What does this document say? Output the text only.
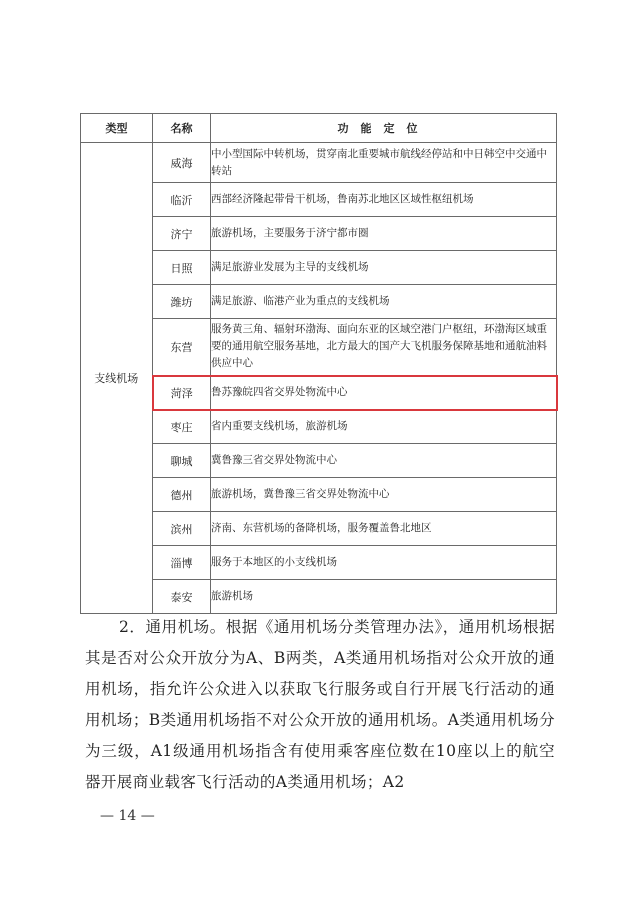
类型	名称	功能定位
支线机场	威海	中小型国际中转机场，贯穿南北重要城市航线经停站和中日韩空中交通中转站
	临沂	西部经济隆起带骨干机场，鲁南苏北地区区域性枢纽机场
	济宁	旅游机场，主要服务于济宁都市圈
	日照	满足旅游业发展为主导的支线机场
	潍坊	满足旅游、临港产业为重点的支线机场
	东营	服务黄三角、辐射环渤海、面向东亚的区域空港门户枢纽，环渤海区域重要的通用航空服务基地，北方最大的国产大飞机服务保障基地和通航油料供应中心
	菏泽	鲁苏豫皖四省交界处物流中心
	枣庄	省内重要支线机场，旅游机场
	聊城	冀鲁豫三省交界处物流中心
	德州	旅游机场，冀鲁豫三省交界处物流中心
	滨州	济南、东营机场的备降机场，服务覆盖鲁北地区
	淄博	服务于本地区的小支线机场
	泰安	旅游机场
2．通用机场。根据《通用机场分类管理办法》，通用机场根据其是否对公众开放分为A、B两类，A类通用机场指对公众开放的通用机场，指允许公众进入以获取飞行服务或自行开展飞行活动的通用机场；B类通用机场指不对公众开放的通用机场。A类通用机场分为三级，A1级通用机场指含有使用乘客座位数在10座以上的航空器开展商业载客飞行活动的A类通用机场；A2
— 14 —
